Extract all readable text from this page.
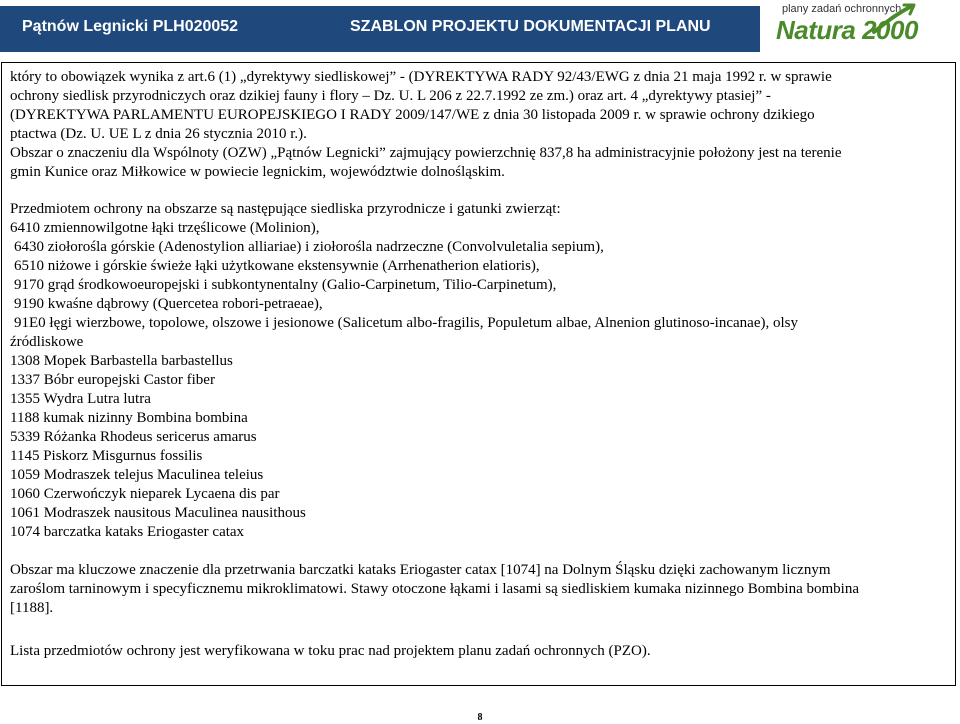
Pątnów Legnicki PLH020052	SZABLON PROJEKTU DOKUMENTACJI PLANU
plany zadań ochronnych
Natura 2000

który to obowiązek wynika z art.6 (1) „dyrektywy siedliskowej” - (DYREKTYWA RADY 92/43/EWG z dnia 21 maja 1992 r. w sprawie

ochrony siedlisk przyrodniczych oraz dzikiej fauny i flory – Dz. U. L 206 z 22.7.1992 ze zm.) oraz art. 4 „dyrektywy ptasiej” -

(DYREKTYWA PARLAMENTU EUROPEJSKIEGO I RADY 2009/147/WE z dnia 30 listopada 2009 r. w sprawie ochrony dzikiego

ptactwa (Dz. U. UE L z dnia 26 stycznia 2010 r.).

Obszar o znaczeniu dla Wspólnoty (OZW) „Pątnów Legnicki” zajmujący powierzchnię 837,8 ha administracyjnie położony jest na terenie

gmin Kunice oraz Miłkowice w powiecie legnickim, województwie dolnośląskim.

Przedmiotem ochrony na obszarze są następujące siedliska przyrodnicze i gatunki zwierząt:

6410 zmiennowilgotne łąki trzęślicowe (Molinion),

6430 ziołorośla górskie (Adenostylion alliariae) i ziołorośla nadrzeczne (Convolvuletalia sepium),

6510 niżowe i górskie świeże łąki użytkowane ekstensywnie (Arrhenatherion elatioris),

9170 grąd środkowoeuropejski i subkontynentalny (Galio-Carpinetum, Tilio-Carpinetum),

9190 kwaśne dąbrowy (Quercetea robori-petraeae),

91E0 łęgi wierzbowe, topolowe, olszowe i jesionowe (Salicetum albo-fragilis, Populetum albae, Alnenion glutinoso-incanae), olsy

źródliskowe

1308 Mopek Barbastella barbastellus

1337 Bóbr europejski Castor fiber

1355 Wydra Lutra lutra

1188 kumak nizinny Bombina bombina

5339 Różanka Rhodeus sericerus amarus

1145 Piskorz Misgurnus fossilis

1059 Modraszek telejus Maculinea teleius

1060 Czerwończyk nieparek Lycaena dis par

1061 Modraszek nausitous Maculinea nausithous

1074 barczatka kataks Eriogaster catax

Obszar ma kluczowe znaczenie dla przetrwania barczatki kataks Eriogaster catax [1074] na Dolnym Śląsku dzięki zachowanym licznym

zaroślom tarninowym i specyficznemu mikroklimatowi. Stawy otoczone łąkami i lasami są siedliskiem kumaka nizinnego Bombina bombina

[1188].

Lista przedmiotów ochrony jest weryfikowana w toku prac nad projektem planu zadań ochronnych (PZO).

8
